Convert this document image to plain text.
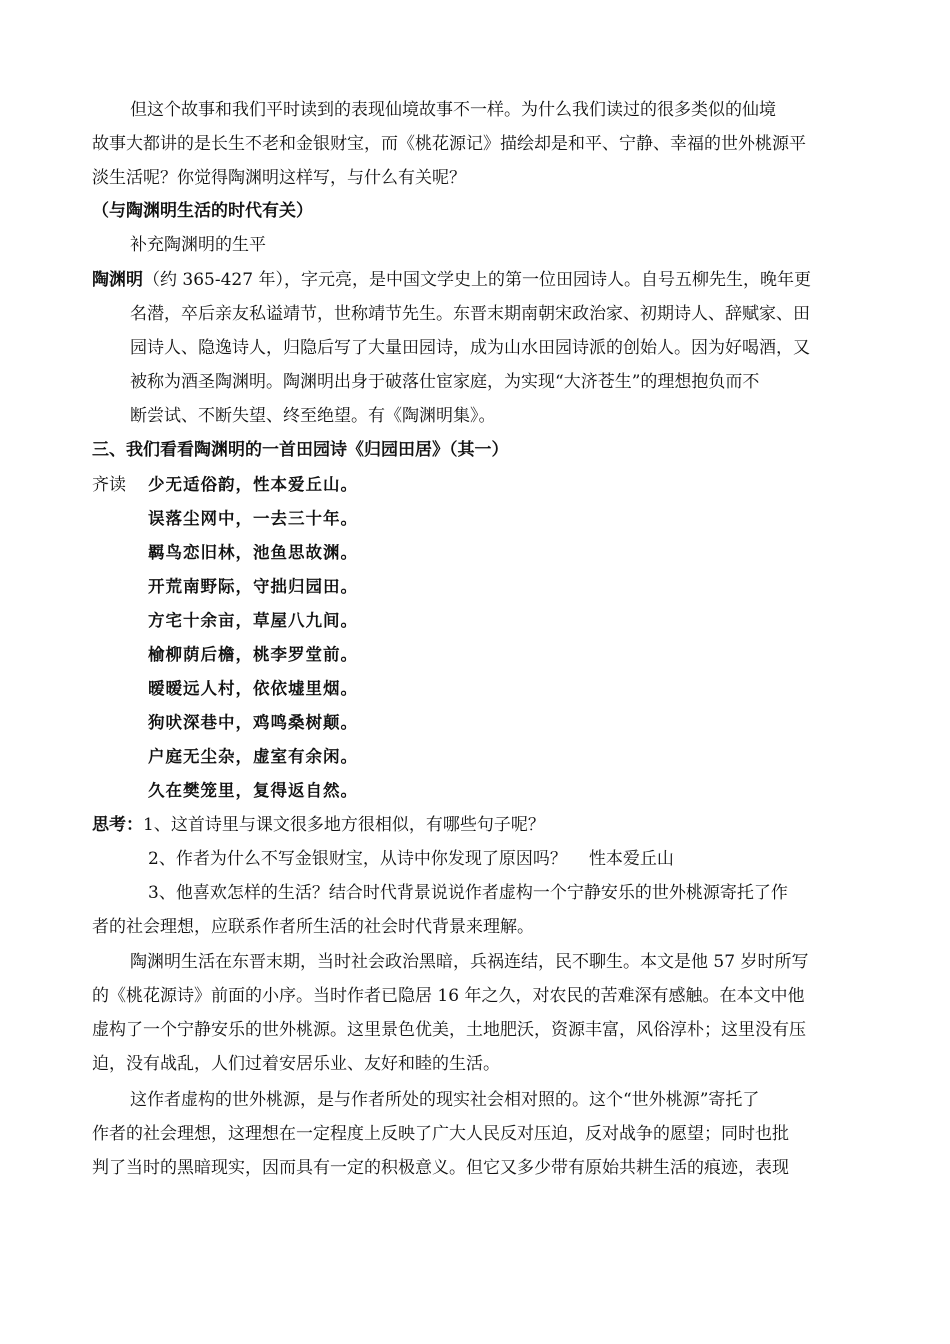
但这个故事和我们平时读到的表现仙境故事不一样。为什么我们读过的很多类似的仙境
故事大都讲的是长生不老和金银财宝，而《桃花源记》描绘却是和平、宁静、幸福的世外桃源平
淡生活呢？你觉得陶渊明这样写，与什么有关呢？
（与陶渊明生活的时代有关）
补充陶渊明的生平
陶渊明（约 365-427 年），字元亮，是中国文学史上的第一位田园诗人。自号五柳先生，晚年更
名潜，卒后亲友私谥靖节，世称靖节先生。东晋末期南朝宋政治家、初期诗人、辞赋家、田
园诗人、隐逸诗人，归隐后写了大量田园诗，成为山水田园诗派的创始人。因为好喝酒，又
被称为酒圣陶渊明。陶渊明出身于破落仕宦家庭，为实现“大济苍生”的理想抱负而不
断尝试、不断失望、终至绝望。有《陶渊明集》。
三、我们看看陶渊明的一首田园诗《归园田居》（其一）
齐读 少无适俗韵，性本爱丘山。
误落尘网中，一去三十年。
羁鸟恋旧林，池鱼思故渊。
开荒南野际，守拙归园田。
方宅十余亩，草屋八九间。
榆柳荫后檐，桃李罗堂前。
暧暧远人村，依依墟里烟。
狗吠深巷中，鸡鸣桑树颠。
户庭无尘杂，虚室有余闲。
久在樊笼里，复得返自然。
思考：1、这首诗里与课文很多地方很相似，有哪些句子呢？
2、作者为什么不写金银财宝，从诗中你发现了原因吗？ 性本爱丘山
3、他喜欢怎样的生活？结合时代背景说说作者虚构一个宁静安乐的世外桃源寄托了作
者的社会理想，应联系作者所生活的社会时代背景来理解。
陶渊明生活在东晋末期，当时社会政治黑暗，兵祸连结，民不聊生。本文是他 57 岁时所写
的《桃花源诗》前面的小序。当时作者已隐居 16 年之久，对农民的苦难深有感触。在本文中他
虚构了一个宁静安乐的世外桃源。这里景色优美，土地肥沃，资源丰富，风俗淳朴；这里没有压
迫，没有战乱，人们过着安居乐业、友好和睦的生活。
这作者虚构的世外桃源，是与作者所处的现实社会相对照的。这个“世外桃源”寄托了
作者的社会理想，这理想在一定程度上反映了广大人民反对压迫，反对战争的愿望；同时也批
判了当时的黑暗现实，因而具有一定的积极意义。但它又多少带有原始共耕生活的痕迹，表现
